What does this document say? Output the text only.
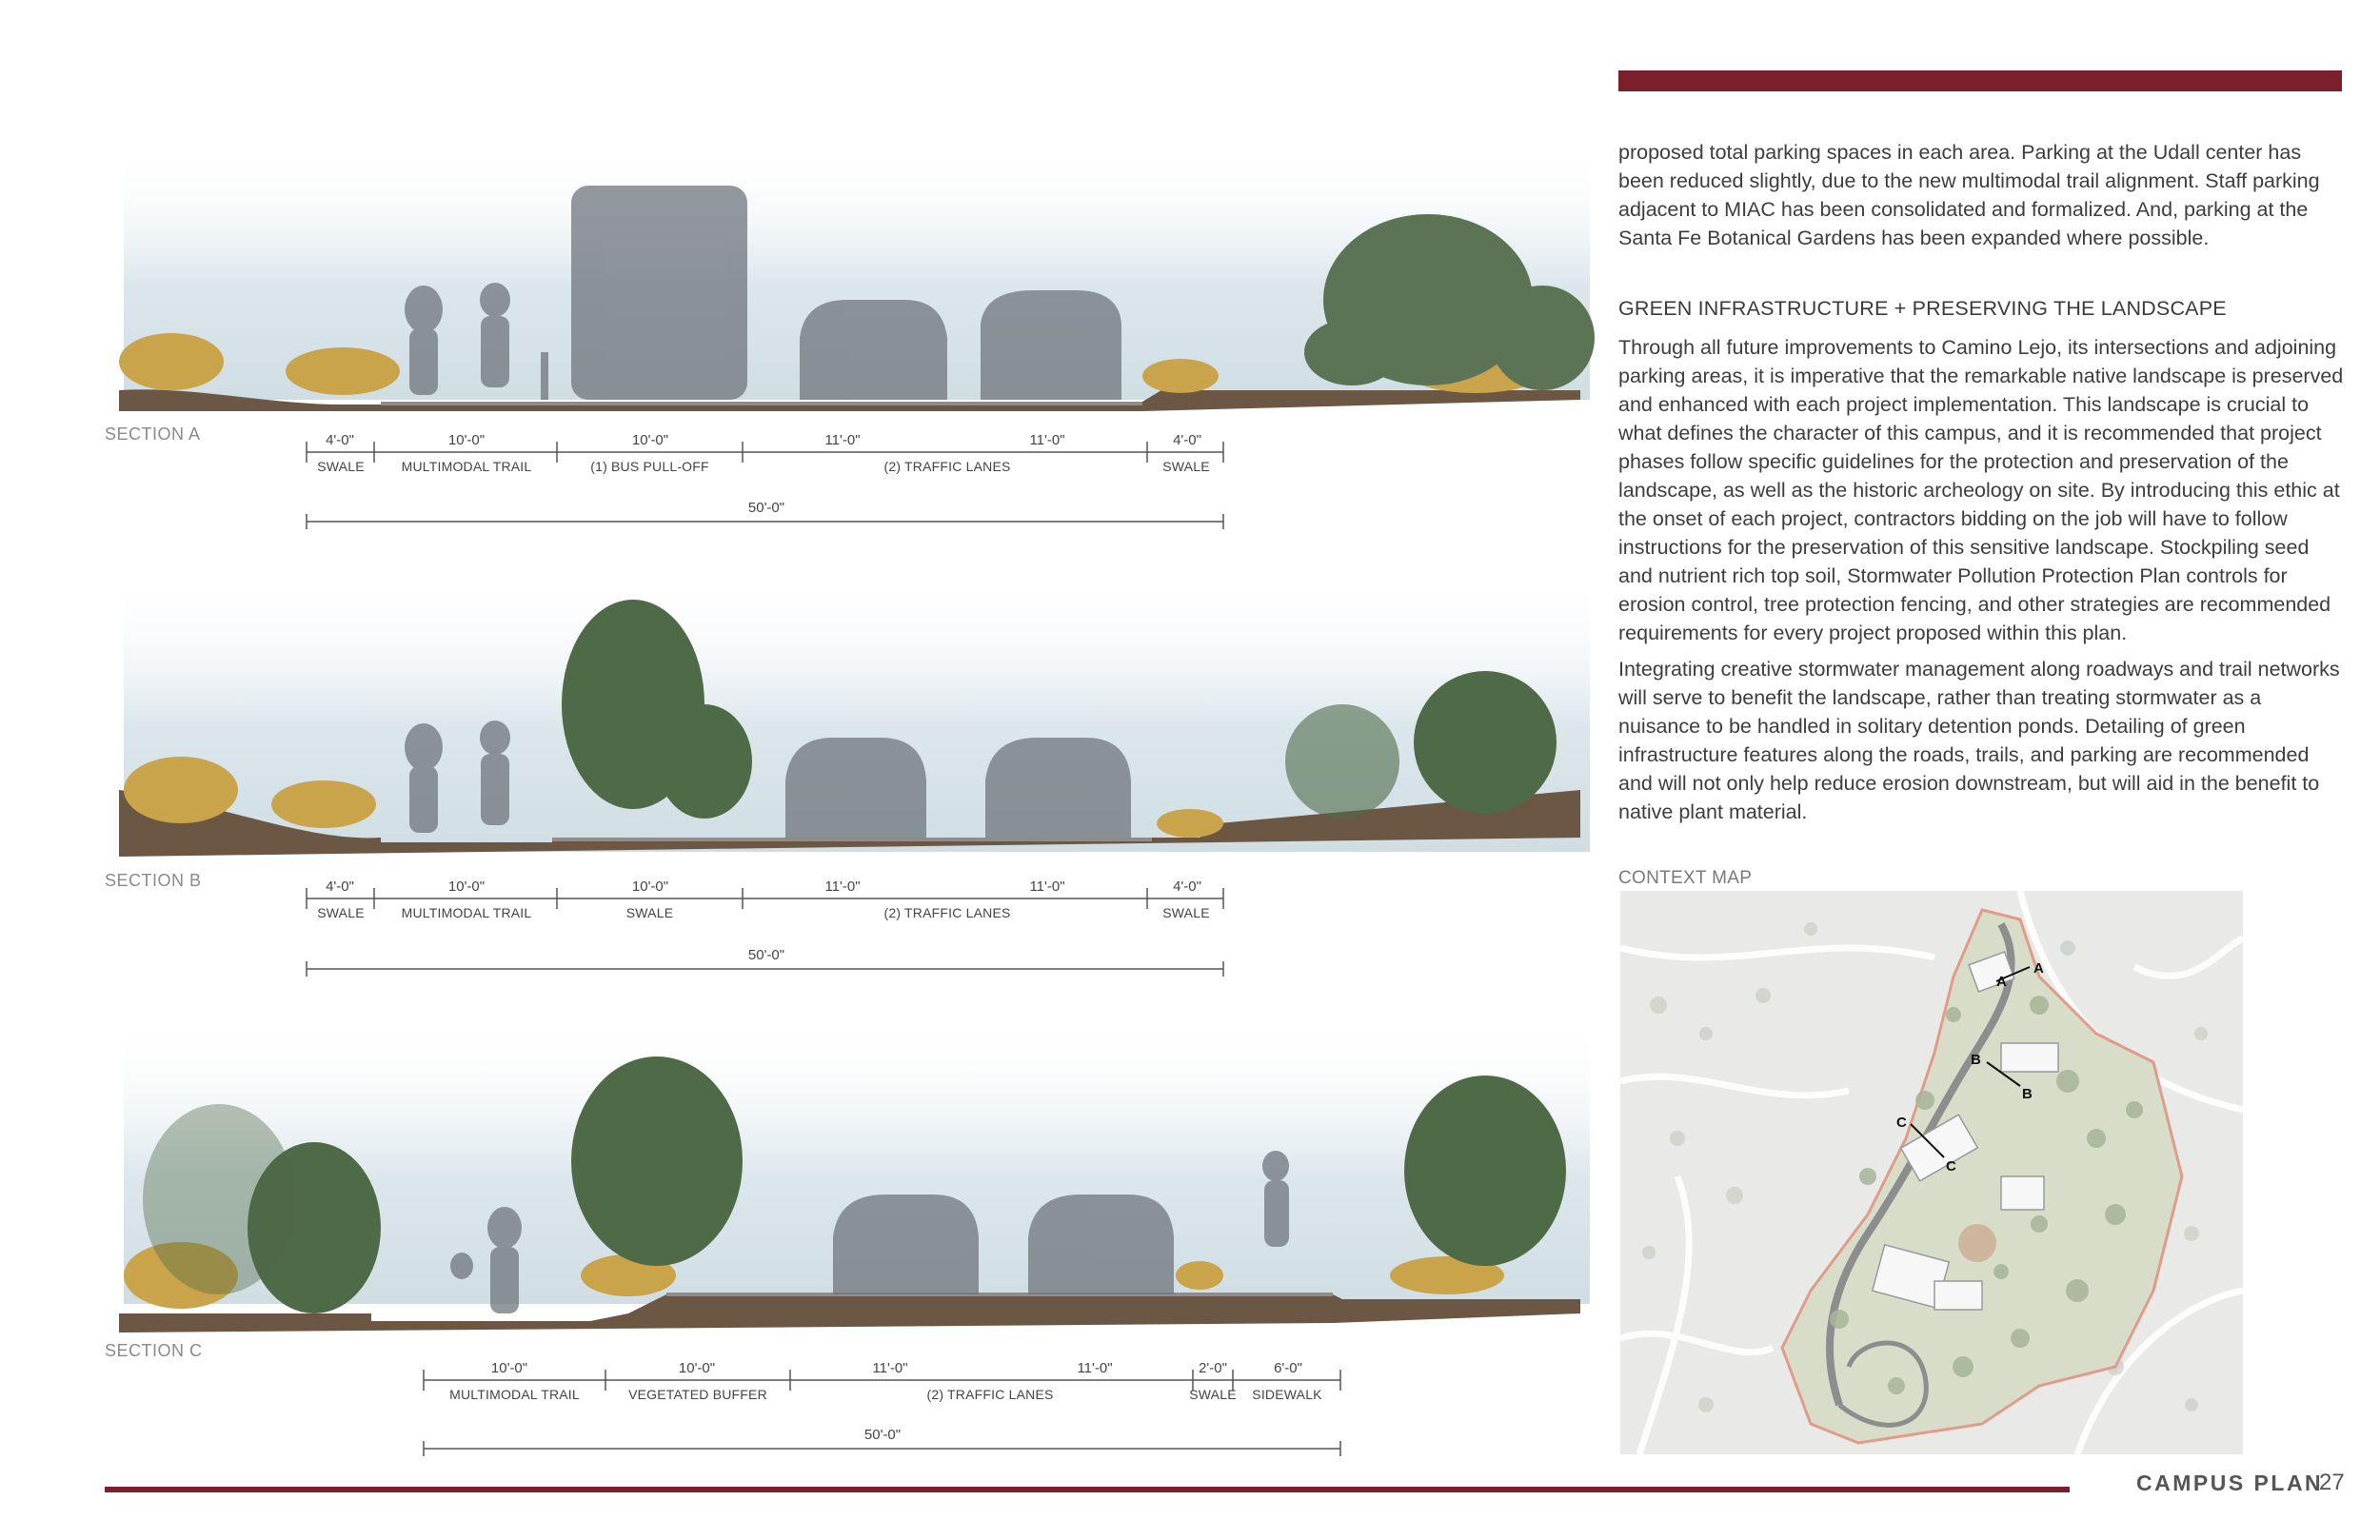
proposed total parking spaces in each area. Parking at the Udall center has been reduced slightly, due to the new multimodal trail alignment. Staff parking adjacent to MIAC has been consolidated and formalized. And, parking at the Santa Fe Botanical Gardens has been expanded where possible.

GREEN INFRASTRUCTURE + PRESERVING THE LANDSCAPE

Through all future improvements to Camino Lejo, its intersections and adjoining parking areas, it is imperative that the remarkable native landscape is preserved and enhanced with each project implementation. This landscape is crucial to what defines the character of this campus, and it is recommended that project phases follow specific guidelines for the protection and preservation of the landscape, as well as the historic archeology on site. By introducing this ethic at the onset of each project, contractors bidding on the job will have to follow instructions for the preservation of this sensitive landscape. Stockpiling seed and nutrient rich top soil, Stormwater Pollution Protection Plan controls for erosion control, tree protection fencing, and other strategies are recommended requirements for every project proposed within this plan.

Integrating creative stormwater management along roadways and trail networks will serve to benefit the landscape, rather than treating stormwater as a nuisance to be handled in solitary detention ponds. Detailing of green infrastructure features along the roads, trails, and parking are recommended and will not only help reduce erosion downstream, but will aid in the benefit to native plant material.

CONTEXT MAP
A
A
B
B
C
C
SECTION A
SECTION B
SECTION C
4'-0"	10'-0"	10'-0"	11'-0"	11'-0"	4'-0"
SWALE	MULTIMODAL TRAIL	(1) BUS PULL-OFF	(2) TRAFFIC LANES	SWALE
50'-0"
4'-0"	10'-0"	10'-0"	11'-0"	11'-0"	4'-0"
SWALE	MULTIMODAL TRAIL	SWALE	(2) TRAFFIC LANES	SWALE
50'-0"
10'-0"	10'-0"	11'-0"	11'-0"	2'-0"	6'-0"
MULTIMODAL TRAIL	VEGETATED BUFFER	(2) TRAFFIC LANES	SWALE	SIDEWALK
50'-0"
CAMPUS PLAN
27
